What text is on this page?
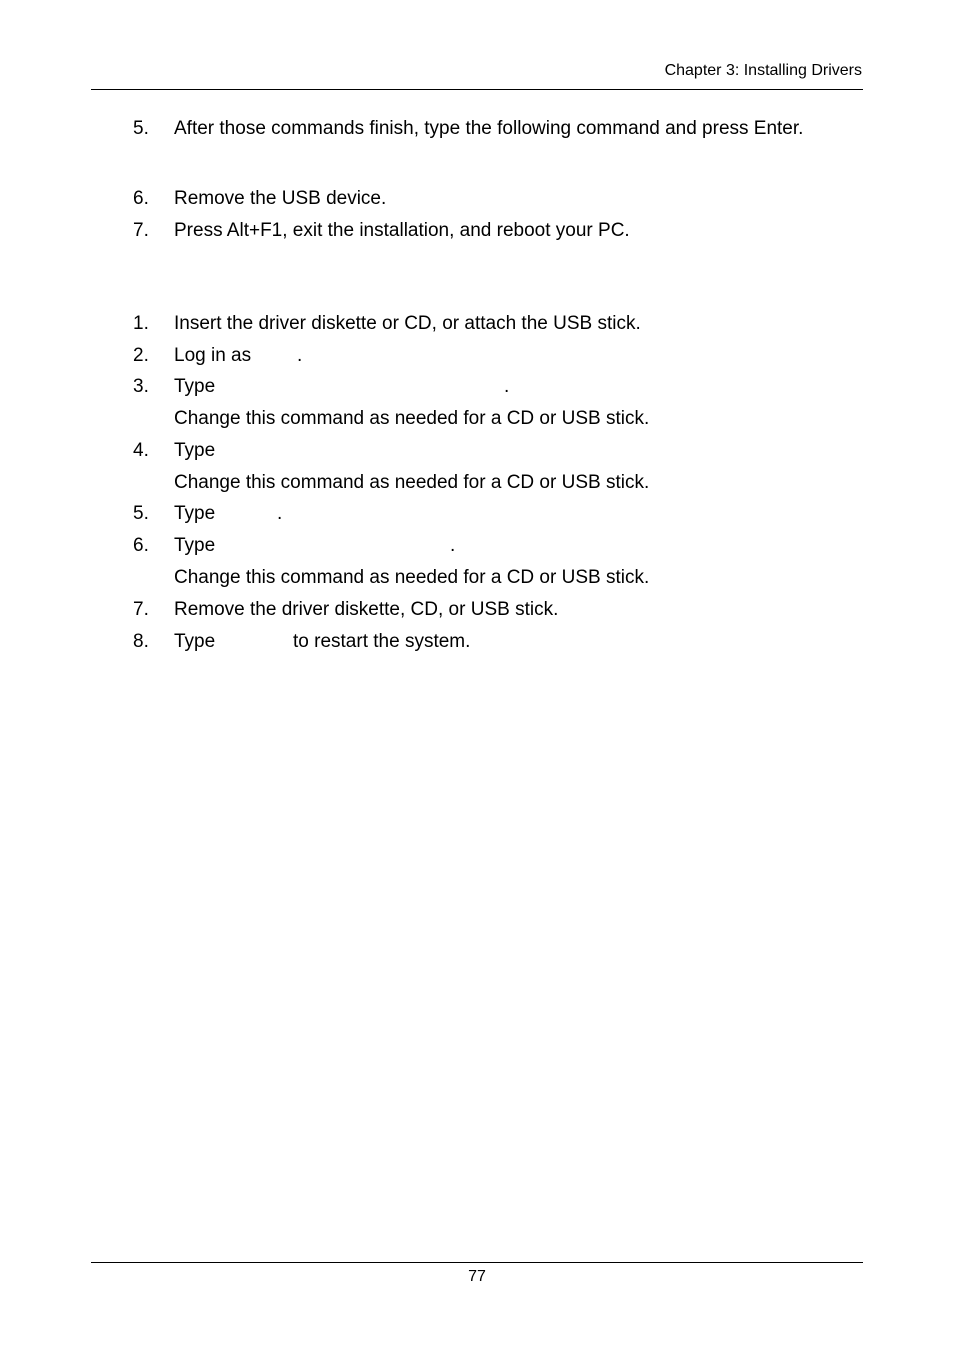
Chapter 3: Installing Drivers
5. After those commands finish, type the following command and press Enter.
6. Remove the USB device.
7. Press Alt+F1, exit the installation, and reboot your PC.
1. Insert the driver diskette or CD, or attach the USB stick.
2. Log in as .
3. Type	.
Change this command as needed for a CD or USB stick.
4. Type
Change this command as needed for a CD or USB stick.
5. Type	.
6. Type	.
Change this command as needed for a CD or USB stick.
7. Remove the driver diskette, CD, or USB stick.
8. Type	to restart the system.
77
